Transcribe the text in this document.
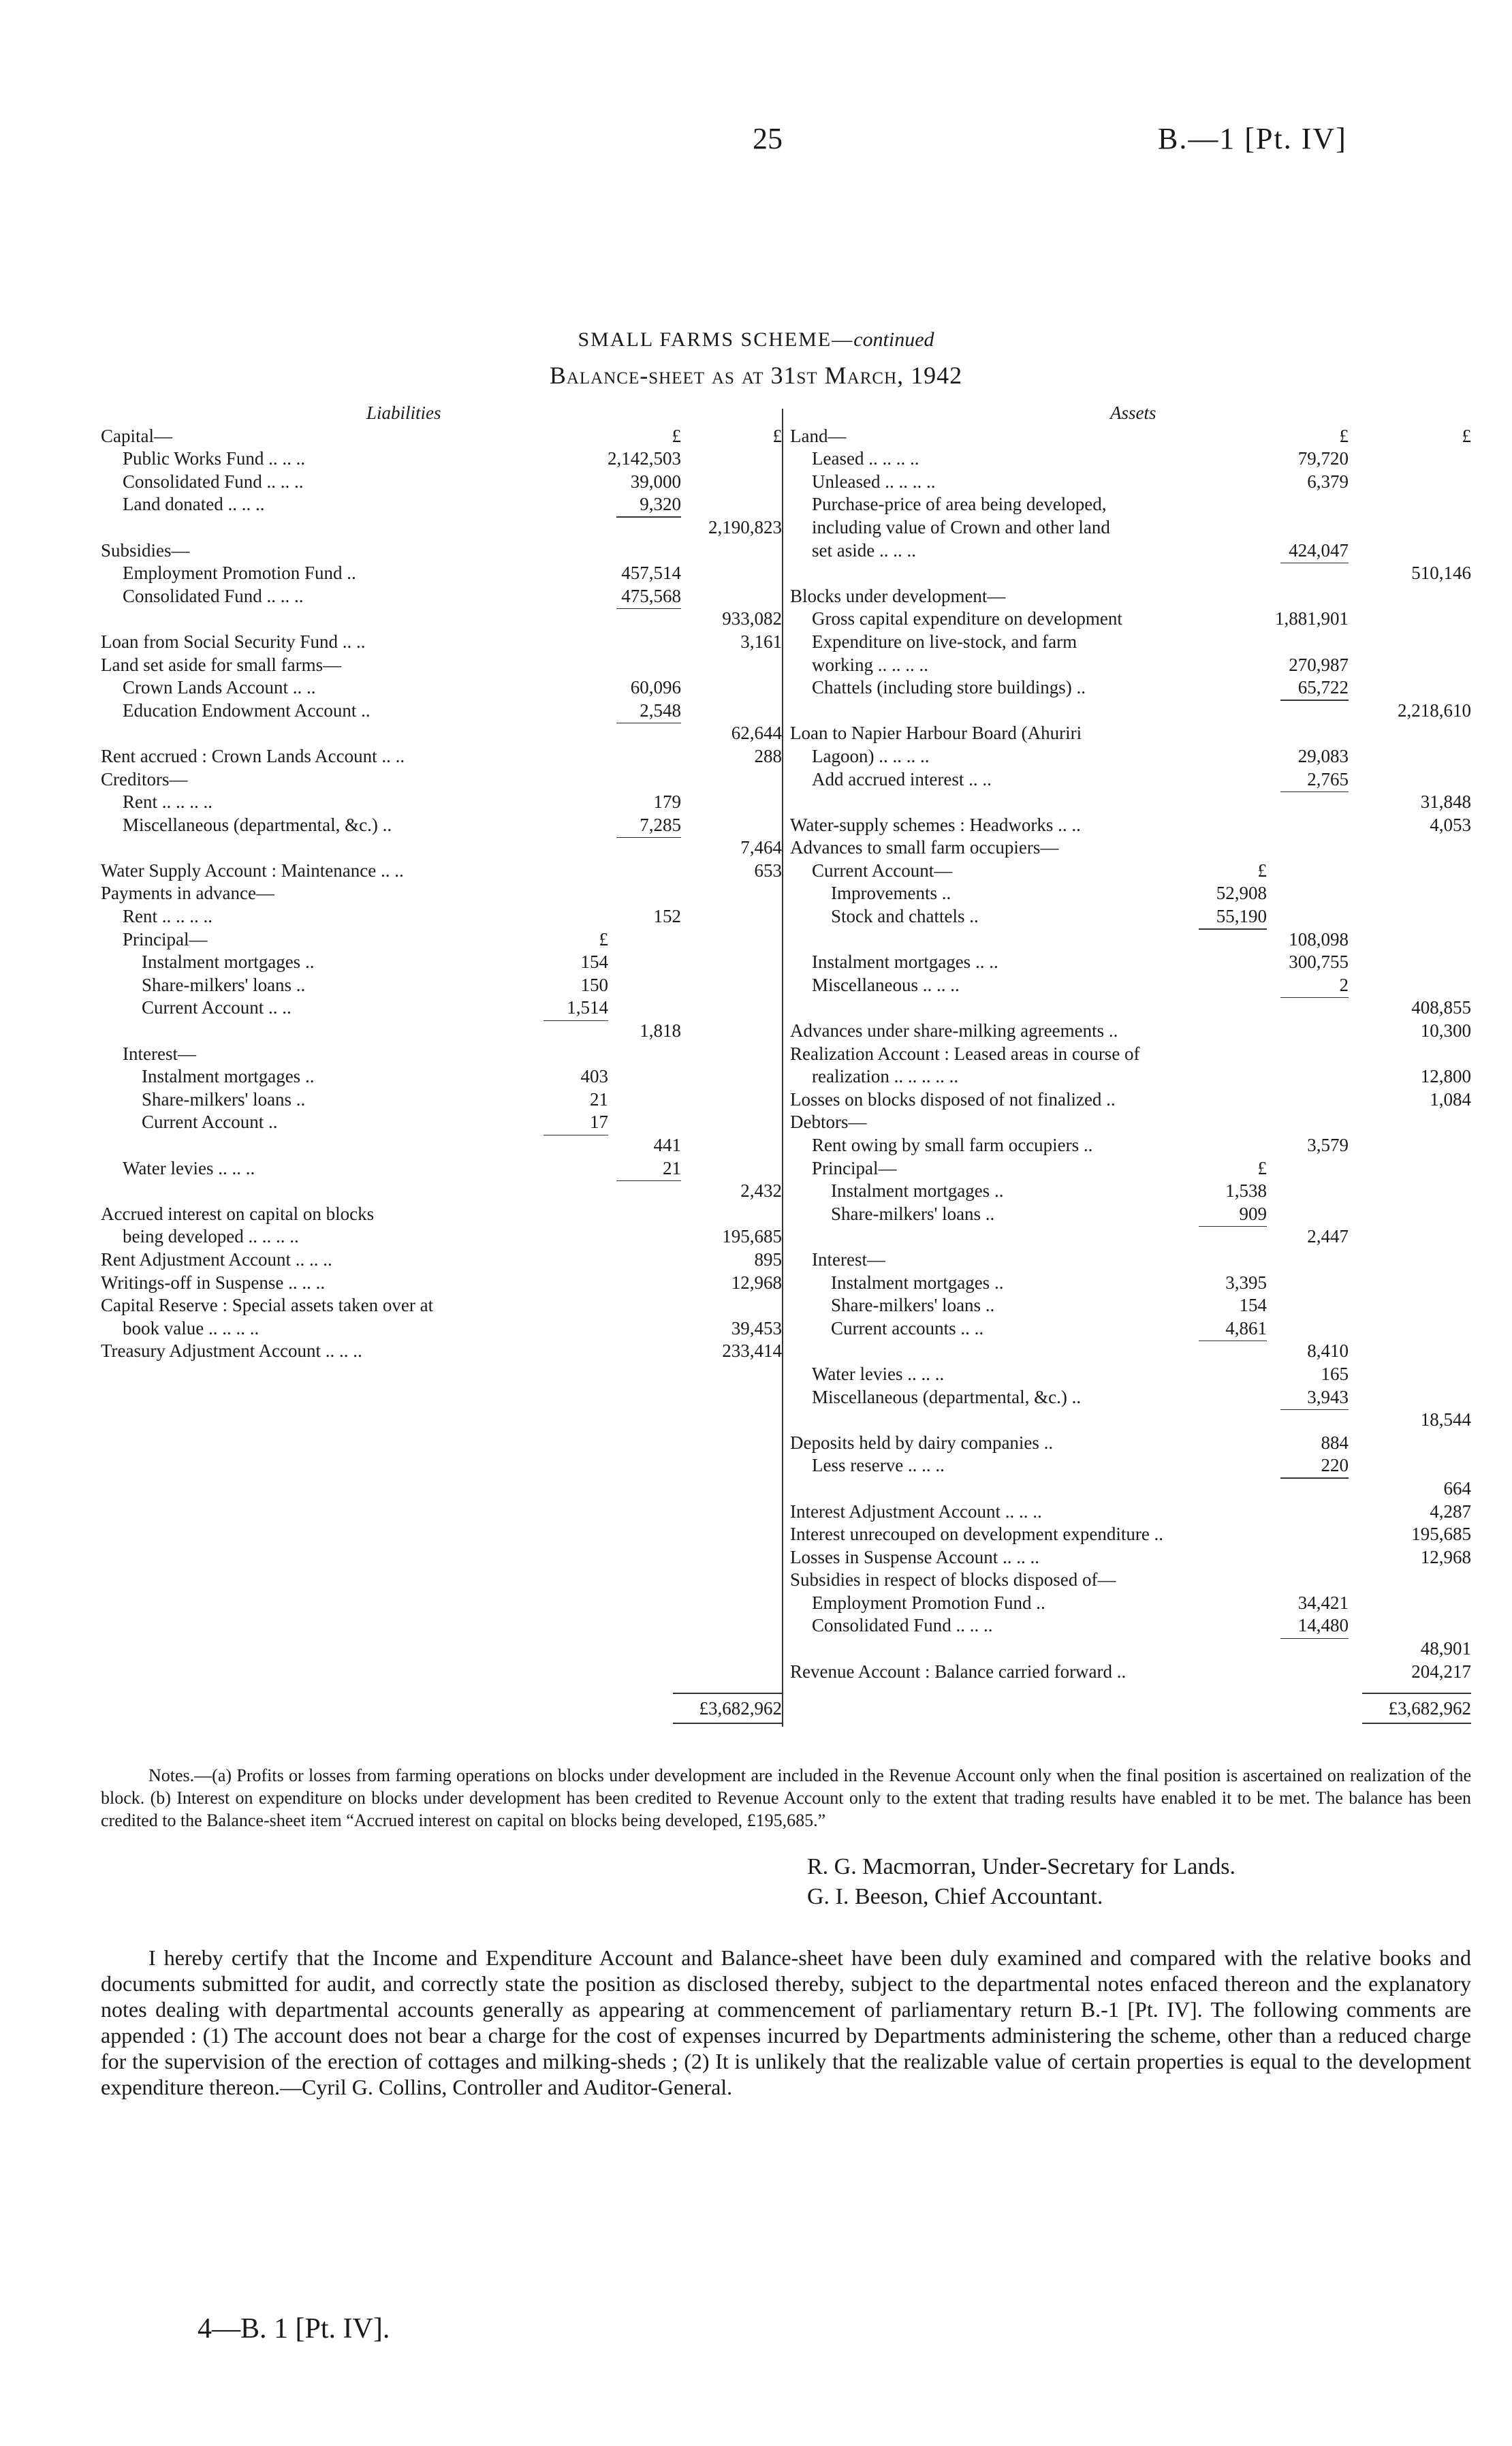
25	B.—1 [Pt. IV]
SMALL FARMS SCHEME—continued
Balance-sheet as at 31st March, 1942
Liabilities
Capital—	£	£
Public Works Fund .. .. ..	2,142,503
Consolidated Fund .. .. ..	39,000
Land donated .. .. ..	9,320
2,190,823
Subsidies—
Employment Promotion Fund ..	457,514
Consolidated Fund .. .. ..	475,568
933,082
Loan from Social Security Fund .. ..	3,161
Land set aside for small farms—
Crown Lands Account .. ..	60,096
Education Endowment Account ..	2,548
62,644
Rent accrued : Crown Lands Account .. ..	288
Creditors—
Rent .. .. .. ..	179
Miscellaneous (departmental, &c.) ..	7,285
7,464
Water Supply Account : Maintenance .. ..	653
Payments in advance—
Rent .. .. .. ..	152
Principal—	£
Instalment mortgages ..	154
Share-milkers' loans ..	150
Current Account .. ..	1,514
1,818
Interest—
Instalment mortgages ..	403
Share-milkers' loans ..	21
Current Account ..	17
441
Water levies .. .. ..	21
2,432
Accrued interest on capital on blocks
being developed .. .. .. ..	195,685
Rent Adjustment Account .. .. ..	895
Writings-off in Suspense .. .. ..	12,968
Capital Reserve : Special assets taken over at
book value .. .. .. ..	39,453
Treasury Adjustment Account .. .. ..	233,414
£3,682,962
Assets
Land—	£	£
Leased .. .. .. ..	79,720
Unleased .. .. .. ..	6,379
Purchase-price of area being developed,
including value of Crown and other land
set aside .. .. ..	424,047
510,146
Blocks under development—
Gross capital expenditure on development	1,881,901
Expenditure on live-stock, and farm
working .. .. .. ..	270,987
Chattels (including store buildings) ..	65,722
2,218,610
Loan to Napier Harbour Board (Ahuriri
Lagoon) .. .. .. ..	29,083
Add accrued interest .. ..	2,765
31,848
Water-supply schemes : Headworks .. ..	4,053
Advances to small farm occupiers—
Current Account—	£
Improvements ..	52,908
Stock and chattels ..	55,190
108,098
Instalment mortgages .. ..	300,755
Miscellaneous .. .. ..	2
408,855
Advances under share-milking agreements ..	10,300
Realization Account : Leased areas in course of
realization .. .. .. .. ..	12,800
Losses on blocks disposed of not finalized ..	1,084
Debtors—
Rent owing by small farm occupiers ..	3,579
Principal—	£
Instalment mortgages ..	1,538
Share-milkers' loans ..	909
2,447
Interest—
Instalment mortgages ..	3,395
Share-milkers' loans ..	154
Current accounts .. ..	4,861
8,410
Water levies .. .. ..	165
Miscellaneous (departmental, &c.) ..	3,943
18,544
Deposits held by dairy companies ..	884
Less reserve .. .. ..	220
664
Interest Adjustment Account .. .. ..	4,287
Interest unrecouped on development expenditure ..	195,685
Losses in Suspense Account .. .. ..	12,968
Subsidies in respect of blocks disposed of—
Employment Promotion Fund ..	34,421
Consolidated Fund .. .. ..	14,480
48,901
Revenue Account : Balance carried forward ..	204,217
£3,682,962
Notes.—(a) Profits or losses from farming operations on blocks under development are included in the Revenue Account only when the final position is ascertained on realization of the block. (b) Interest on expenditure on blocks under development has been credited to Revenue Account only to the extent that trading results have enabled it to be met. The balance has been credited to the Balance-sheet item “Accrued interest on capital on blocks being developed, £195,685.”
R. G. Macmorran, Under-Secretary for Lands.
G. I. Beeson, Chief Accountant.
I hereby certify that the Income and Expenditure Account and Balance-sheet have been duly examined and compared with the relative books and documents submitted for audit, and correctly state the position as disclosed thereby, subject to the departmental notes enfaced thereon and the explanatory notes dealing with departmental accounts generally as appearing at commencement of parliamentary return B.-1 [Pt. IV]. The following comments are appended : (1) The account does not bear a charge for the cost of expenses incurred by Departments administering the scheme, other than a reduced charge for the supervision of the erection of cottages and milking-sheds ; (2) It is unlikely that the realizable value of certain properties is equal to the development expenditure thereon.—Cyril G. Collins, Controller and Auditor-General.
4—B. 1 [Pt. IV].
